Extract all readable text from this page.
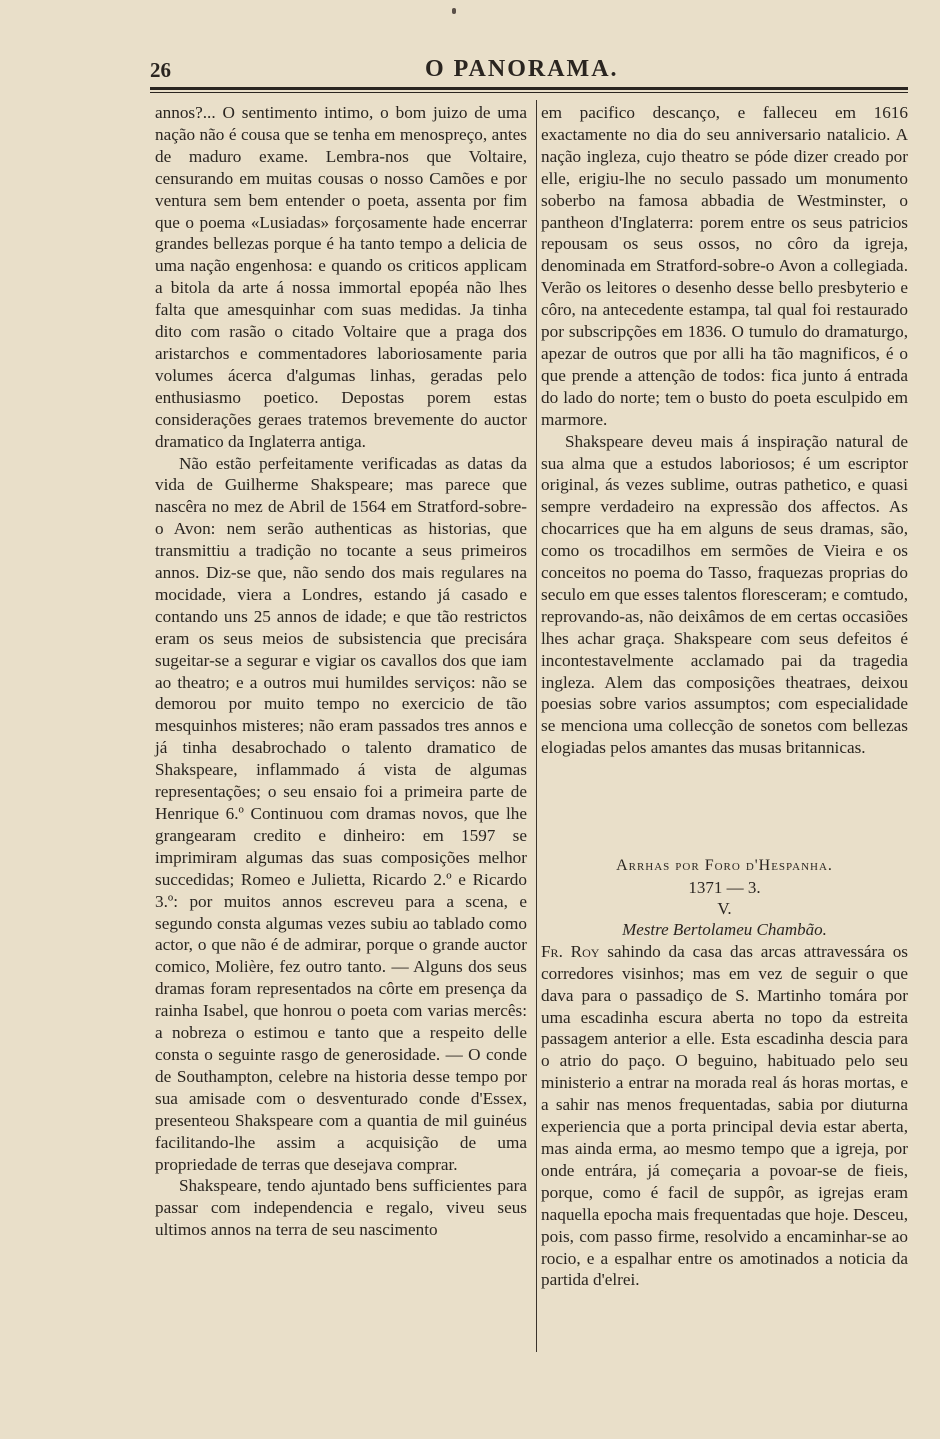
26	O PANORAMA.

annos?... O sentimento intimo, o bom juizo de uma nação não é cousa que se tenha em menospreço, antes de maduro exame. Lembra-nos que Voltaire, censurando em muitas cousas o nosso Camões e por ventura sem bem entender o poeta, assenta por fim que o poema «Lusiadas» forçosamente hade encerrar grandes bellezas porque é ha tanto tempo a delicia de uma nação engenhosa: e quando os criticos applicam a bitola da arte á nossa immortal epopéa não lhes falta que amesquinhar com suas medidas. Ja tinha dito com rasão o citado Voltaire que a praga dos aristarchos e commentadores laboriosamente paria volumes ácerca d'algumas linhas, geradas pelo enthusiasmo poetico. Depostas porem estas considerações geraes tratemos brevemente do auctor dramatico da Inglaterra antiga.

Não estão perfeitamente verificadas as datas da vida de Guilherme Shakspeare; mas parece que nascêra no mez de Abril de 1564 em Stratford-sobre-o Avon: nem serão authenticas as historias, que transmittiu a tradição no tocante a seus primeiros annos. Diz-se que, não sendo dos mais regulares na mocidade, viera a Londres, estando já casado e contando uns 25 annos de idade; e que tão restrictos eram os seus meios de subsistencia que precisára sugeitar-se a segurar e vigiar os cavallos dos que iam ao theatro; e a outros mui humildes serviços: não se demorou por muito tempo no exercicio de tão mesquinhos misteres; não eram passados tres annos e já tinha desabrochado o talento dramatico de Shakspeare, inflammado á vista de algumas representações; o seu ensaio foi a primeira parte de Henrique 6.º Continuou com dramas novos, que lhe grangearam credito e dinheiro: em 1597 se imprimiram algumas das suas composições melhor succedidas; Romeo e Julietta, Ricardo 2.º e Ricardo 3.º: por muitos annos escreveu para a scena, e segundo consta algumas vezes subiu ao tablado como actor, o que não é de admirar, porque o grande auctor comico, Molière, fez outro tanto. — Alguns dos seus dramas foram representados na côrte em presença da rainha Isabel, que honrou o poeta com varias mercês: a nobreza o estimou e tanto que a respeito delle consta o seguinte rasgo de generosidade. — O conde de Southampton, celebre na historia desse tempo por sua amisade com o desventurado conde d'Essex, presenteou Shakspeare com a quantia de mil guinéus facilitando-lhe assim a acquisição de uma propriedade de terras que desejava comprar.

Shakspeare, tendo ajuntado bens sufficientes para passar com independencia e regalo, viveu seus ultimos annos na terra de seu nascimento

em pacifico descanço, e falleceu em 1616 exactamente no dia do seu anniversario natalicio. A nação ingleza, cujo theatro se póde dizer creado por elle, erigiu-lhe no seculo passado um monumento soberbo na famosa abbadia de Westminster, o pantheon d'Inglaterra: porem entre os seus patricios repousam os seus ossos, no côro da igreja, denominada em Stratford-sobre-o Avon a collegiada. Verão os leitores o desenho desse bello presbyterio e côro, na antecedente estampa, tal qual foi restaurado por subscripções em 1836. O tumulo do dramaturgo, apezar de outros que por alli ha tão magnificos, é o que prende a attenção de todos: fica junto á entrada do lado do norte; tem o busto do poeta esculpido em marmore.

Shakspeare deveu mais á inspiração natural de sua alma que a estudos laboriosos; é um escriptor original, ás vezes sublime, outras pathetico, e quasi sempre verdadeiro na expressão dos affectos. As chocarrices que ha em alguns de seus dramas, são, como os trocadilhos em sermões de Vieira e os conceitos no poema do Tasso, fraquezas proprias do seculo em que esses talentos floresceram; e comtudo, reprovando-as, não deixâmos de em certas occasiões lhes achar graça. Shakspeare com seus defeitos é incontestavelmente acclamado pai da tragedia ingleza. Alem das composições theatraes, deixou poesias sobre varios assumptos; com especialidade se menciona uma collecção de sonetos com bellezas elogiadas pelos amantes das musas britannicas.

Arrhas por Foro d'Hespanha.

1371 — 3.

V.

Mestre Bertolameu Chambão.

Fr. Roy sahindo da casa das arcas attravessára os corredores visinhos; mas em vez de seguir o que dava para o passadiço de S. Martinho tomára por uma escadinha escura aberta no topo da estreita passagem anterior a elle. Esta escadinha descia para o atrio do paço. O beguino, habituado pelo seu ministerio a entrar na morada real ás horas mortas, e a sahir nas menos frequentadas, sabia por diuturna experiencia que a porta principal devia estar aberta, mas ainda erma, ao mesmo tempo que a igreja, por onde entrára, já começaria a povoar-se de fieis, porque, como é facil de suppôr, as igrejas eram naquella epocha mais frequentadas que hoje. Desceu, pois, com passo firme, resolvido a encaminhar-se ao rocio, e a espalhar entre os amotinados a noticia da partida d'elrei.
